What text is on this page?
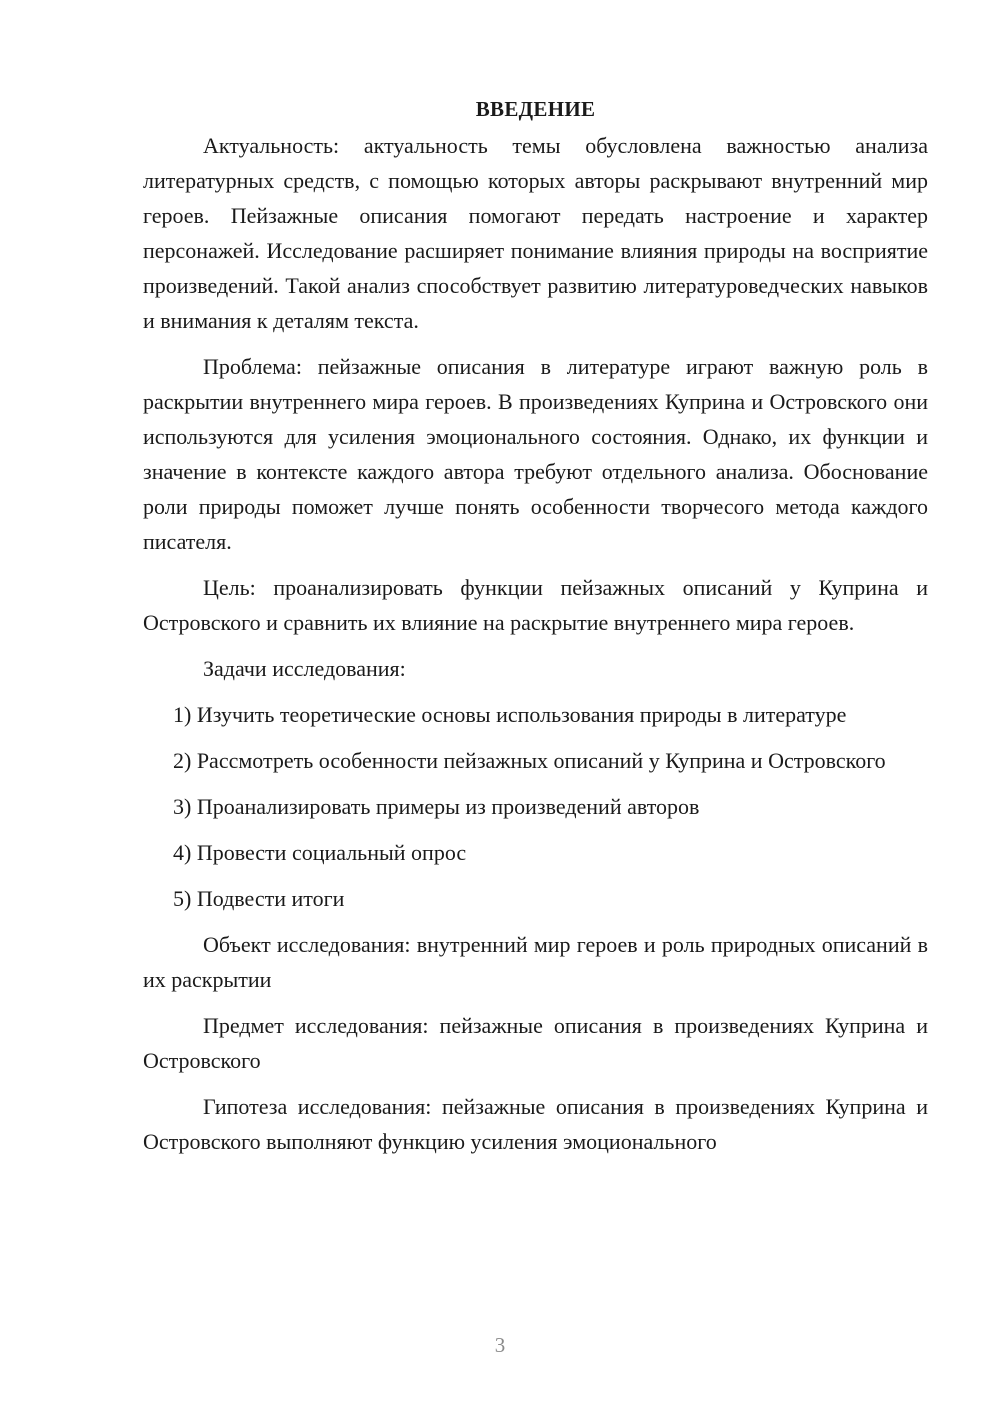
ВВЕДЕНИЕ

Актуальность: актуальность темы обусловлена важностью анализа литературных средств, с помощью которых авторы раскрывают внутренний мир героев. Пейзажные описания помогают передать настроение и характер персонажей. Исследование расширяет понимание влияния природы на восприятие произведений. Такой анализ способствует развитию литературоведческих навыков и внимания к деталям текста.

Проблема: пейзажные описания в литературе играют важную роль в раскрытии внутреннего мира героев. В произведениях Куприна и Островского они используются для усиления эмоционального состояния. Однако, их функции и значение в контексте каждого автора требуют отдельного анализа. Обоснование роли природы поможет лучше понять особенности творчесого метода каждого писателя.

Цель: проанализировать функции пейзажных описаний у Куприна и Островского и сравнить их влияние на раскрытие внутреннего мира героев.

Задачи исследования:

1) Изучить теоретические основы использования природы в литературе
2) Рассмотреть особенности пейзажных описаний у Куприна и Островского
3) Проанализировать примеры из произведений авторов
4) Провести социальный опрос
5) Подвести итоги

Объект исследования: внутренний мир героев и роль природных описаний в их раскрытии

Предмет исследования: пейзажные описания в произведениях Куприна и Островского

Гипотеза исследования: пейзажные описания в произведениях Куприна и Островского выполняют функцию усиления эмоционального

3
